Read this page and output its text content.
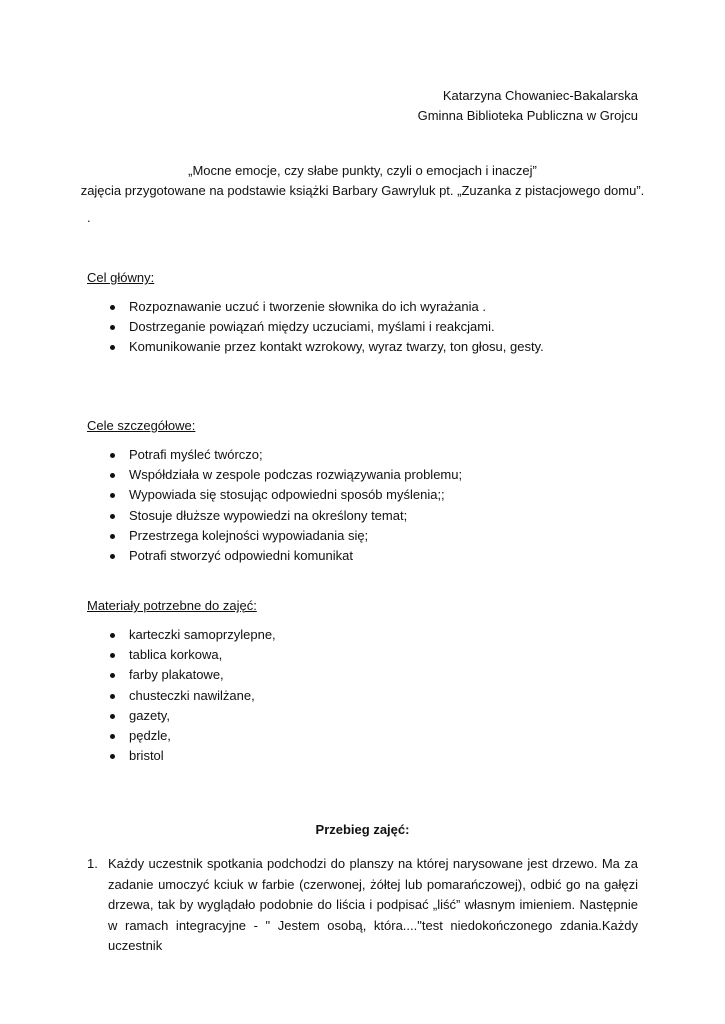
Katarzyna Chowaniec-Bakalarska
Gminna Biblioteka Publiczna w Grojcu
„Mocne emocje, czy słabe punkty, czyli o emocjach i inaczej”
zajęcia przygotowane na podstawie książki Barbary Gawryluk pt. „Zuzanka z pistacjowego domu”.
.
Cel główny:
Rozpoznawanie uczuć i tworzenie słownika do ich wyrażania .
Dostrzeganie powiązań między uczuciami, myślami i reakcjami.
Komunikowanie przez kontakt wzrokowy, wyraz twarzy, ton głosu, gesty.
Cele szczegółowe:
Potrafi myśleć twórczo;
Współdziała w zespole podczas rozwiązywania problemu;
Wypowiada się stosując odpowiedni sposób myślenia;;
Stosuje dłuższe wypowiedzi na określony temat;
Przestrzega kolejności wypowiadania się;
Potrafi stworzyć odpowiedni komunikat
Materiały potrzebne do zajęć:
karteczki samoprzylepne,
tablica korkowa,
farby plakatowe,
chusteczki nawilżane,
gazety,
pędzle,
bristol
Przebieg zajęć:
1. Każdy uczestnik spotkania podchodzi do planszy na której narysowane jest drzewo. Ma za zadanie umoczyć kciuk w farbie (czerwonej, żółtej lub pomarańczowej), odbić go na gałęzi drzewa, tak by wyglądało podobnie do liścia i podpisać „liść” własnym imieniem. Następnie w ramach integracyjne - " Jestem osobą, która...."test niedokończonego zdania.Każdy uczestnik
